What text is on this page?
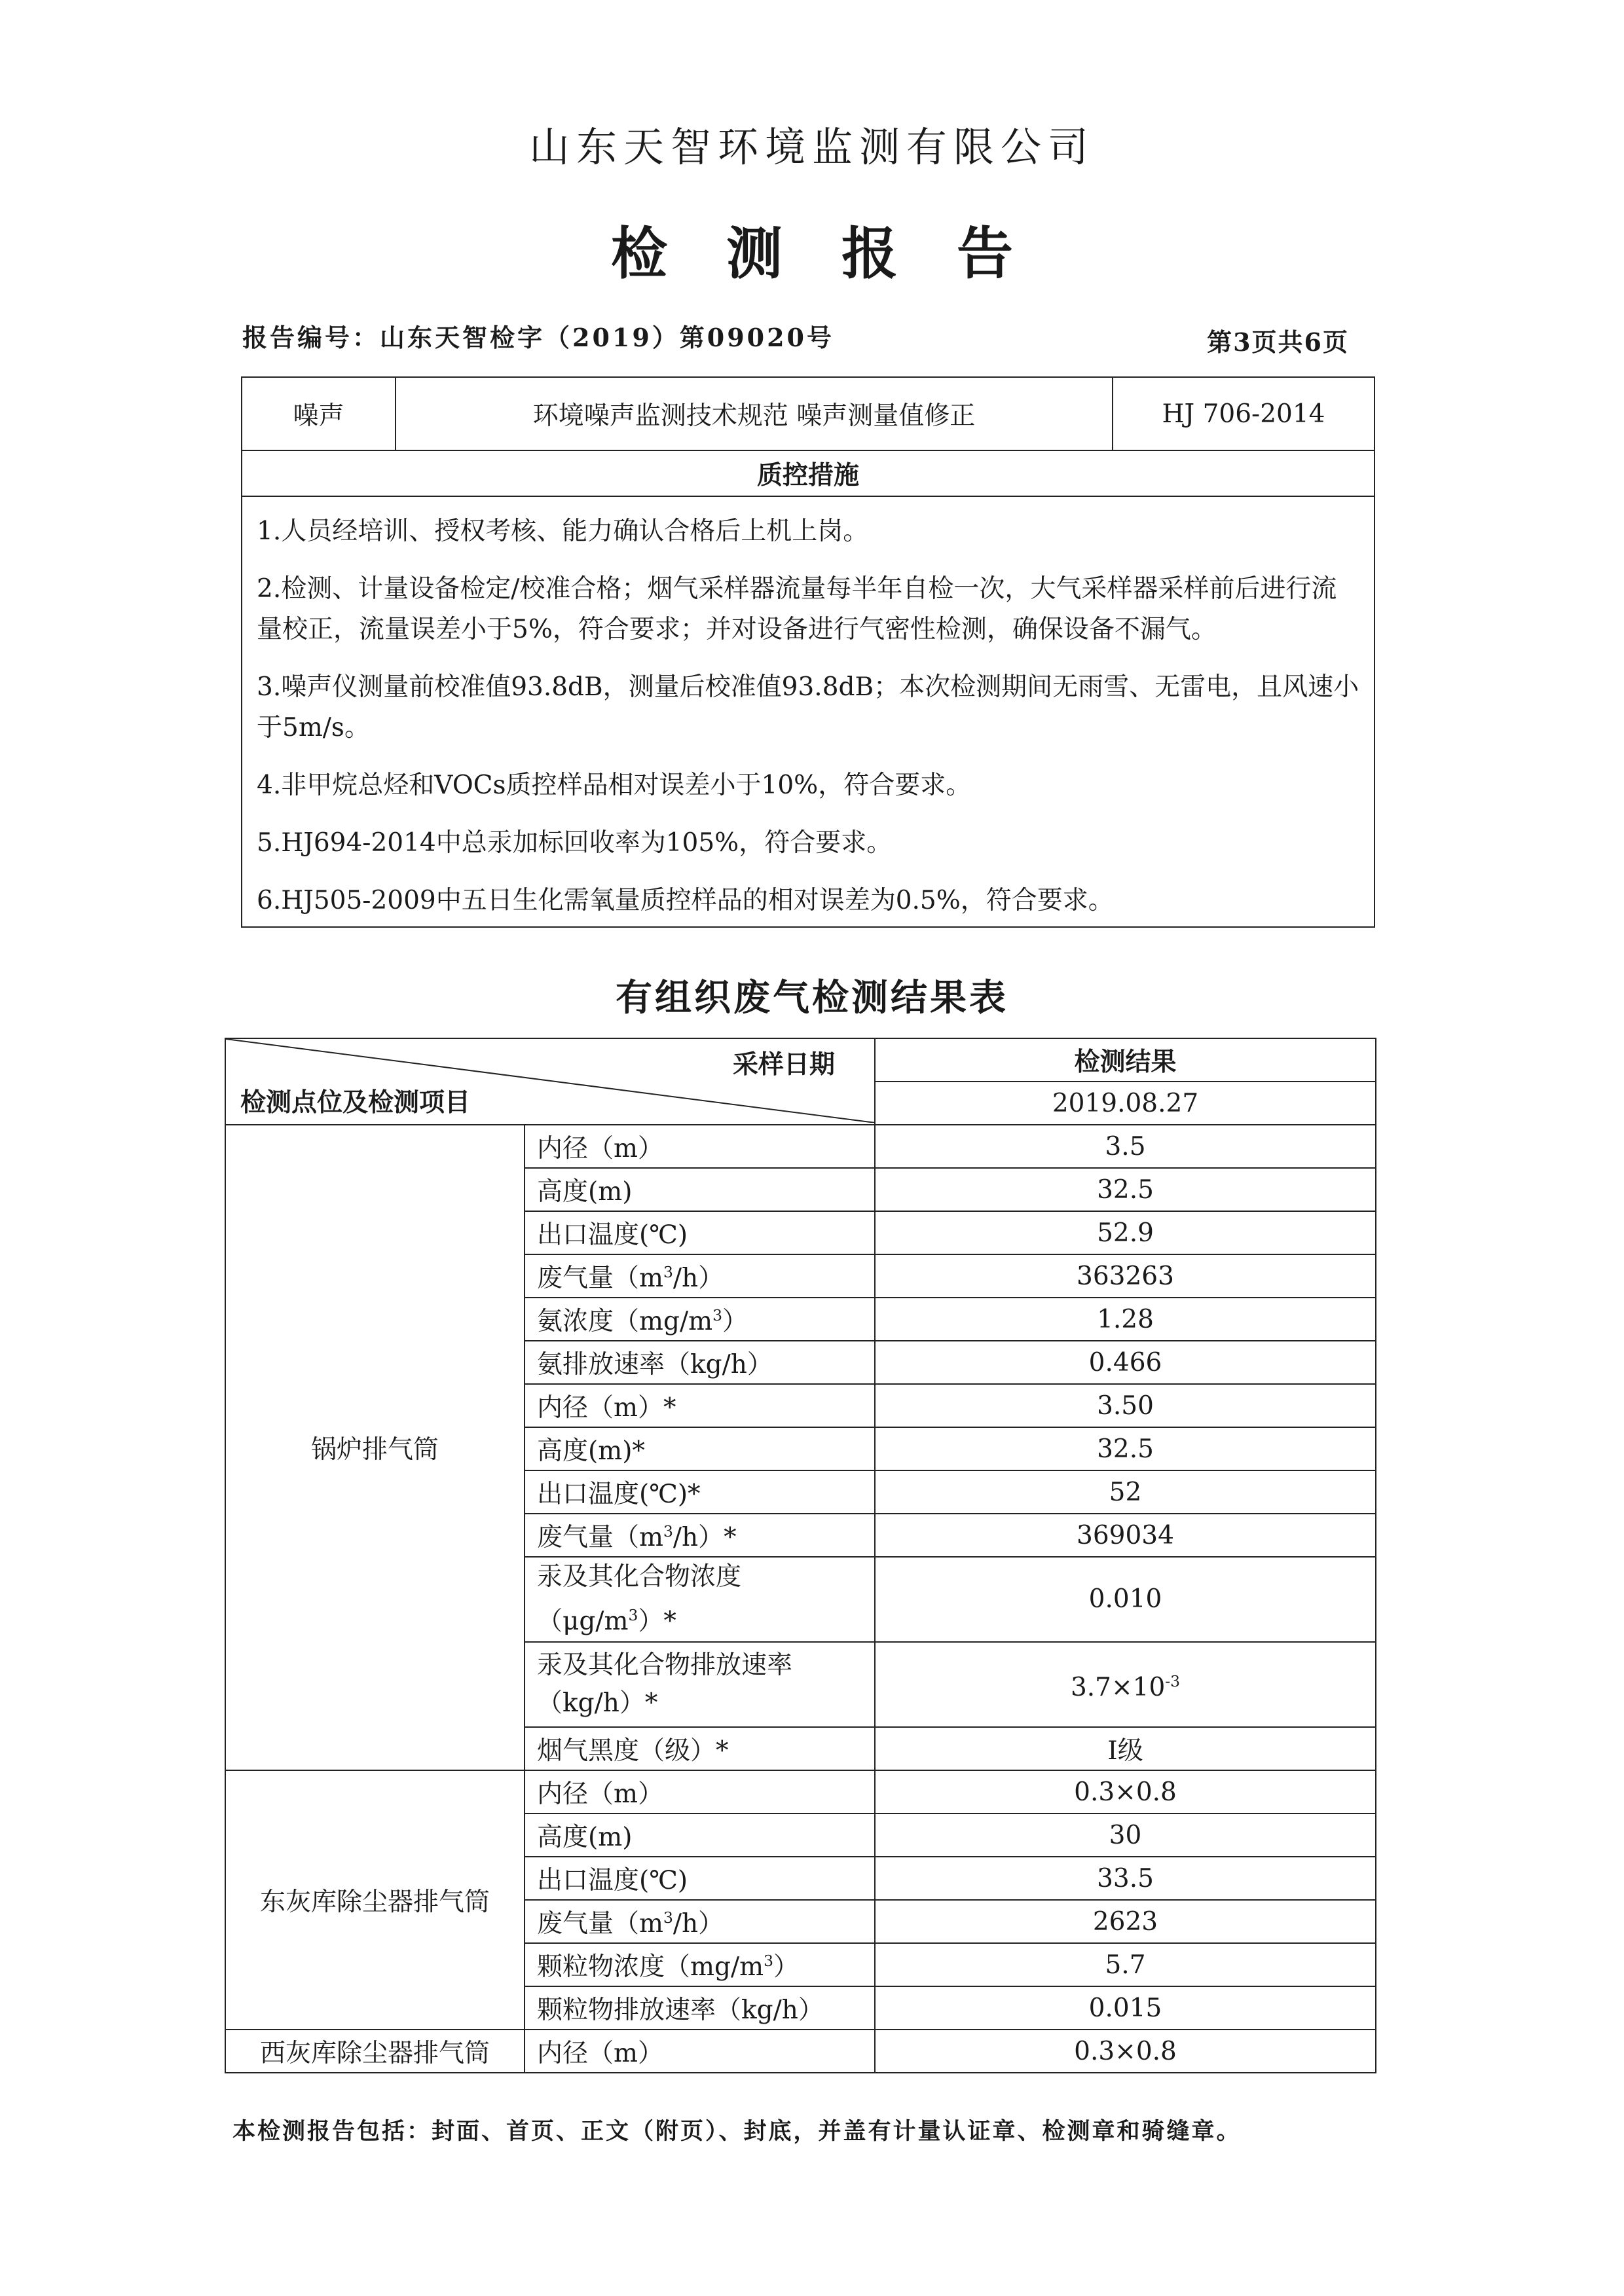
山东天智环境监测有限公司
检测报告
报告编号：山东天智检字（2019）第09020号	第3页共6页
噪声	环境噪声监测技术规范 噪声测量值修正	HJ 706-2014
质控措施

1.人员经培训、授权考核、能力确认合格后上机上岗。
2.检测、计量设备检定/校准合格；烟气采样器流量每半年自检一次，大气采样器采样前后进行流量校正，流量误差小于5%，符合要求；并对设备进行气密性检测，确保设备不漏气。
3.噪声仪测量前校准值93.8dB，测量后校准值93.8dB；本次检测期间无雨雪、无雷电，且风速小于5m/s。
4.非甲烷总烃和VOCs质控样品相对误差小于10%，符合要求。
5.HJ694-2014中总汞加标回收率为105%，符合要求。
6.HJ505-2009中五日生化需氧量质控样品的相对误差为0.5%，符合要求。
有组织废气检测结果表
采样日期
检测点位及检测项目		检测结果
		2019.08.27
锅炉排气筒	内径（m）	3.5
	高度(m)	32.5
	出口温度(℃)	52.9
	废气量$(m^3/h)$	363263
	氨浓度$(mg/m^3)$	1.28
	氨排放速率（kg/h）	0.466
	内径（m）*	3.50
	高度(m)*	32.5
	出口温度(℃)*	52
	废气量$(m^3/h)*$	369034

	汞及其化合物浓度
$(\mu g/m^3)*$	0.010

	汞及其化合物排放速率
（kg/h）*	$3.7\times 10^{-3}$
	烟气黑度（级）*	Ⅰ级
东灰库除尘器排气筒	内径（m）	0.3×0.8
	高度(m)	30
	出口温度(℃)	33.5
	废气量$(m^3/h)$	2623
	颗粒物浓度$(mg/m^3)$	5.7
	颗粒物排放速率（kg/h）	0.015
西灰库除尘器排气筒	内径（m）	0.3×0.8
本检测报告包括：封面、首页、正文（附页）、封底，并盖有计量认证章、检测章和骑缝章。
